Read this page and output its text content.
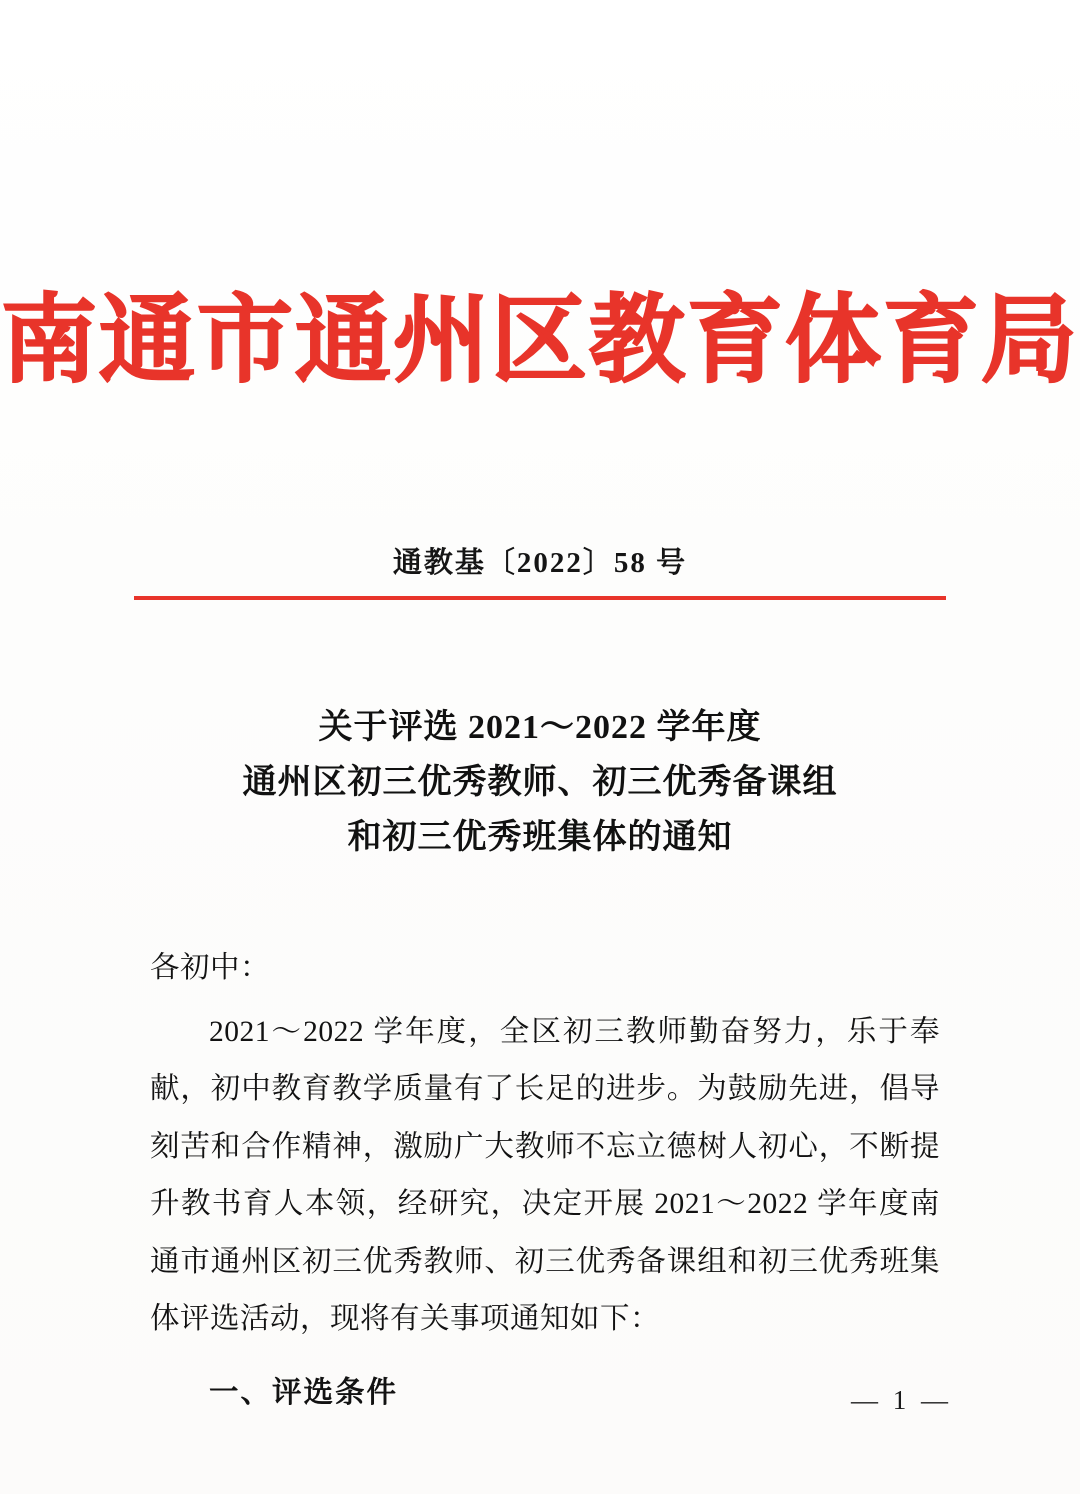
南通市通州区教育体育局
通教基〔2022〕58 号
关于评选 2021～2022 学年度
通州区初三优秀教师、初三优秀备课组
和初三优秀班集体的通知
各初中：
2021～2022 学年度，全区初三教师勤奋努力，乐于奉献，初中教育教学质量有了长足的进步。为鼓励先进，倡导刻苦和合作精神，激励广大教师不忘立德树人初心，不断提升教书育人本领，经研究，决定开展 2021～2022 学年度南通市通州区初三优秀教师、初三优秀备课组和初三优秀班集体评选活动，现将有关事项通知如下：
一、评选条件	— 1 —
